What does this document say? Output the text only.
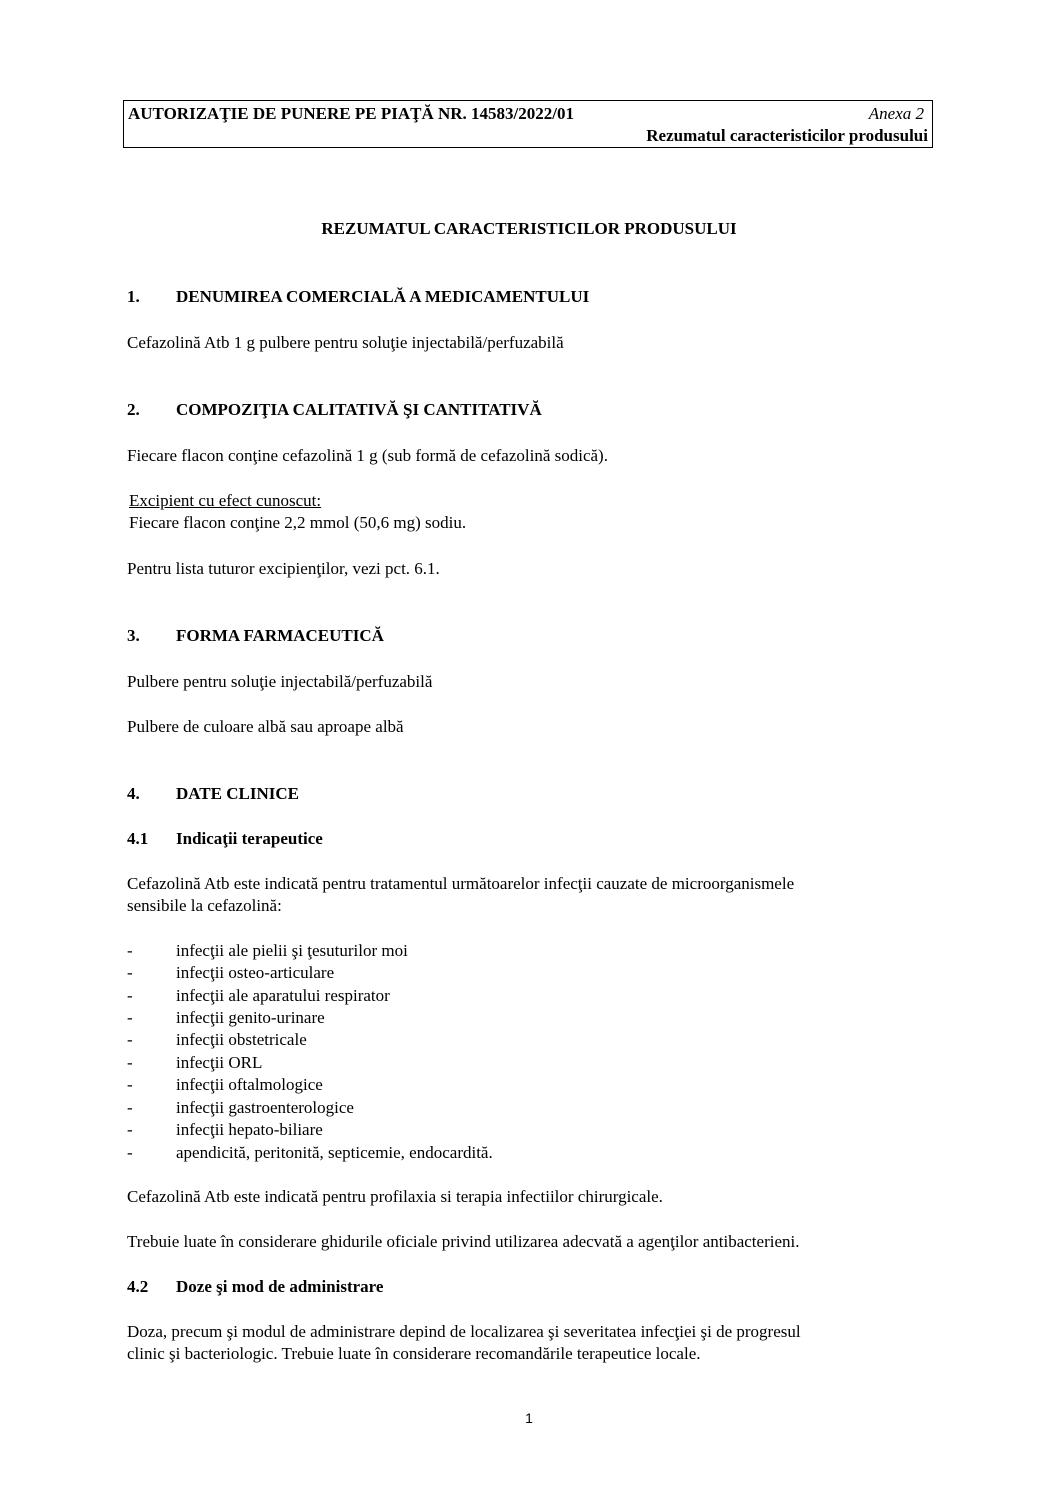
AUTORIZAŢIE DE PUNERE PE PIAŢĂ NR. 14583/2022/01	Anexa 2
Rezumatul caracteristicilor produsului
REZUMATUL CARACTERISTICILOR PRODUSULUI
1. DENUMIREA COMERCIALĂ A MEDICAMENTULUI
Cefazolină Atb 1 g pulbere pentru soluţie injectabilă/perfuzabilă
2. COMPOZIŢIA CALITATIVĂ ŞI CANTITATIVĂ
Fiecare flacon conţine cefazolină 1 g (sub formă de cefazolină sodică).
Excipient cu efect cunoscut:
Fiecare flacon conţine 2,2 mmol (50,6 mg) sodiu.
Pentru lista tuturor excipienţilor, vezi pct. 6.1.
3. FORMA FARMACEUTICĂ
Pulbere pentru soluţie injectabilă/perfuzabilă
Pulbere de culoare albă sau aproape albă
4. DATE CLINICE
4.1 Indicaţii terapeutice
Cefazolină Atb este indicată pentru tratamentul următoarelor infecţii cauzate de microorganismele
sensibile la cefazolină:
-	infecţii ale pielii şi ţesuturilor moi
-	infecţii osteo-articulare
-	infecţii ale aparatului respirator
-	infecţii genito-urinare
-	infecţii obstetricale
-	infecţii ORL
-	infecţii oftalmologice
-	infecţii gastroenterologice
-	infecţii hepato-biliare
-	apendicită, peritonită, septicemie, endocardită.
Cefazolină Atb este indicată pentru profilaxia si terapia infectiilor chirurgicale.
Trebuie luate în considerare ghidurile oficiale privind utilizarea adecvată a agenţilor antibacterieni.
4.2 Doze şi mod de administrare
Doza, precum şi modul de administrare depind de localizarea şi severitatea infecţiei şi de progresul
clinic şi bacteriologic. Trebuie luate în considerare recomandările terapeutice locale.
1
